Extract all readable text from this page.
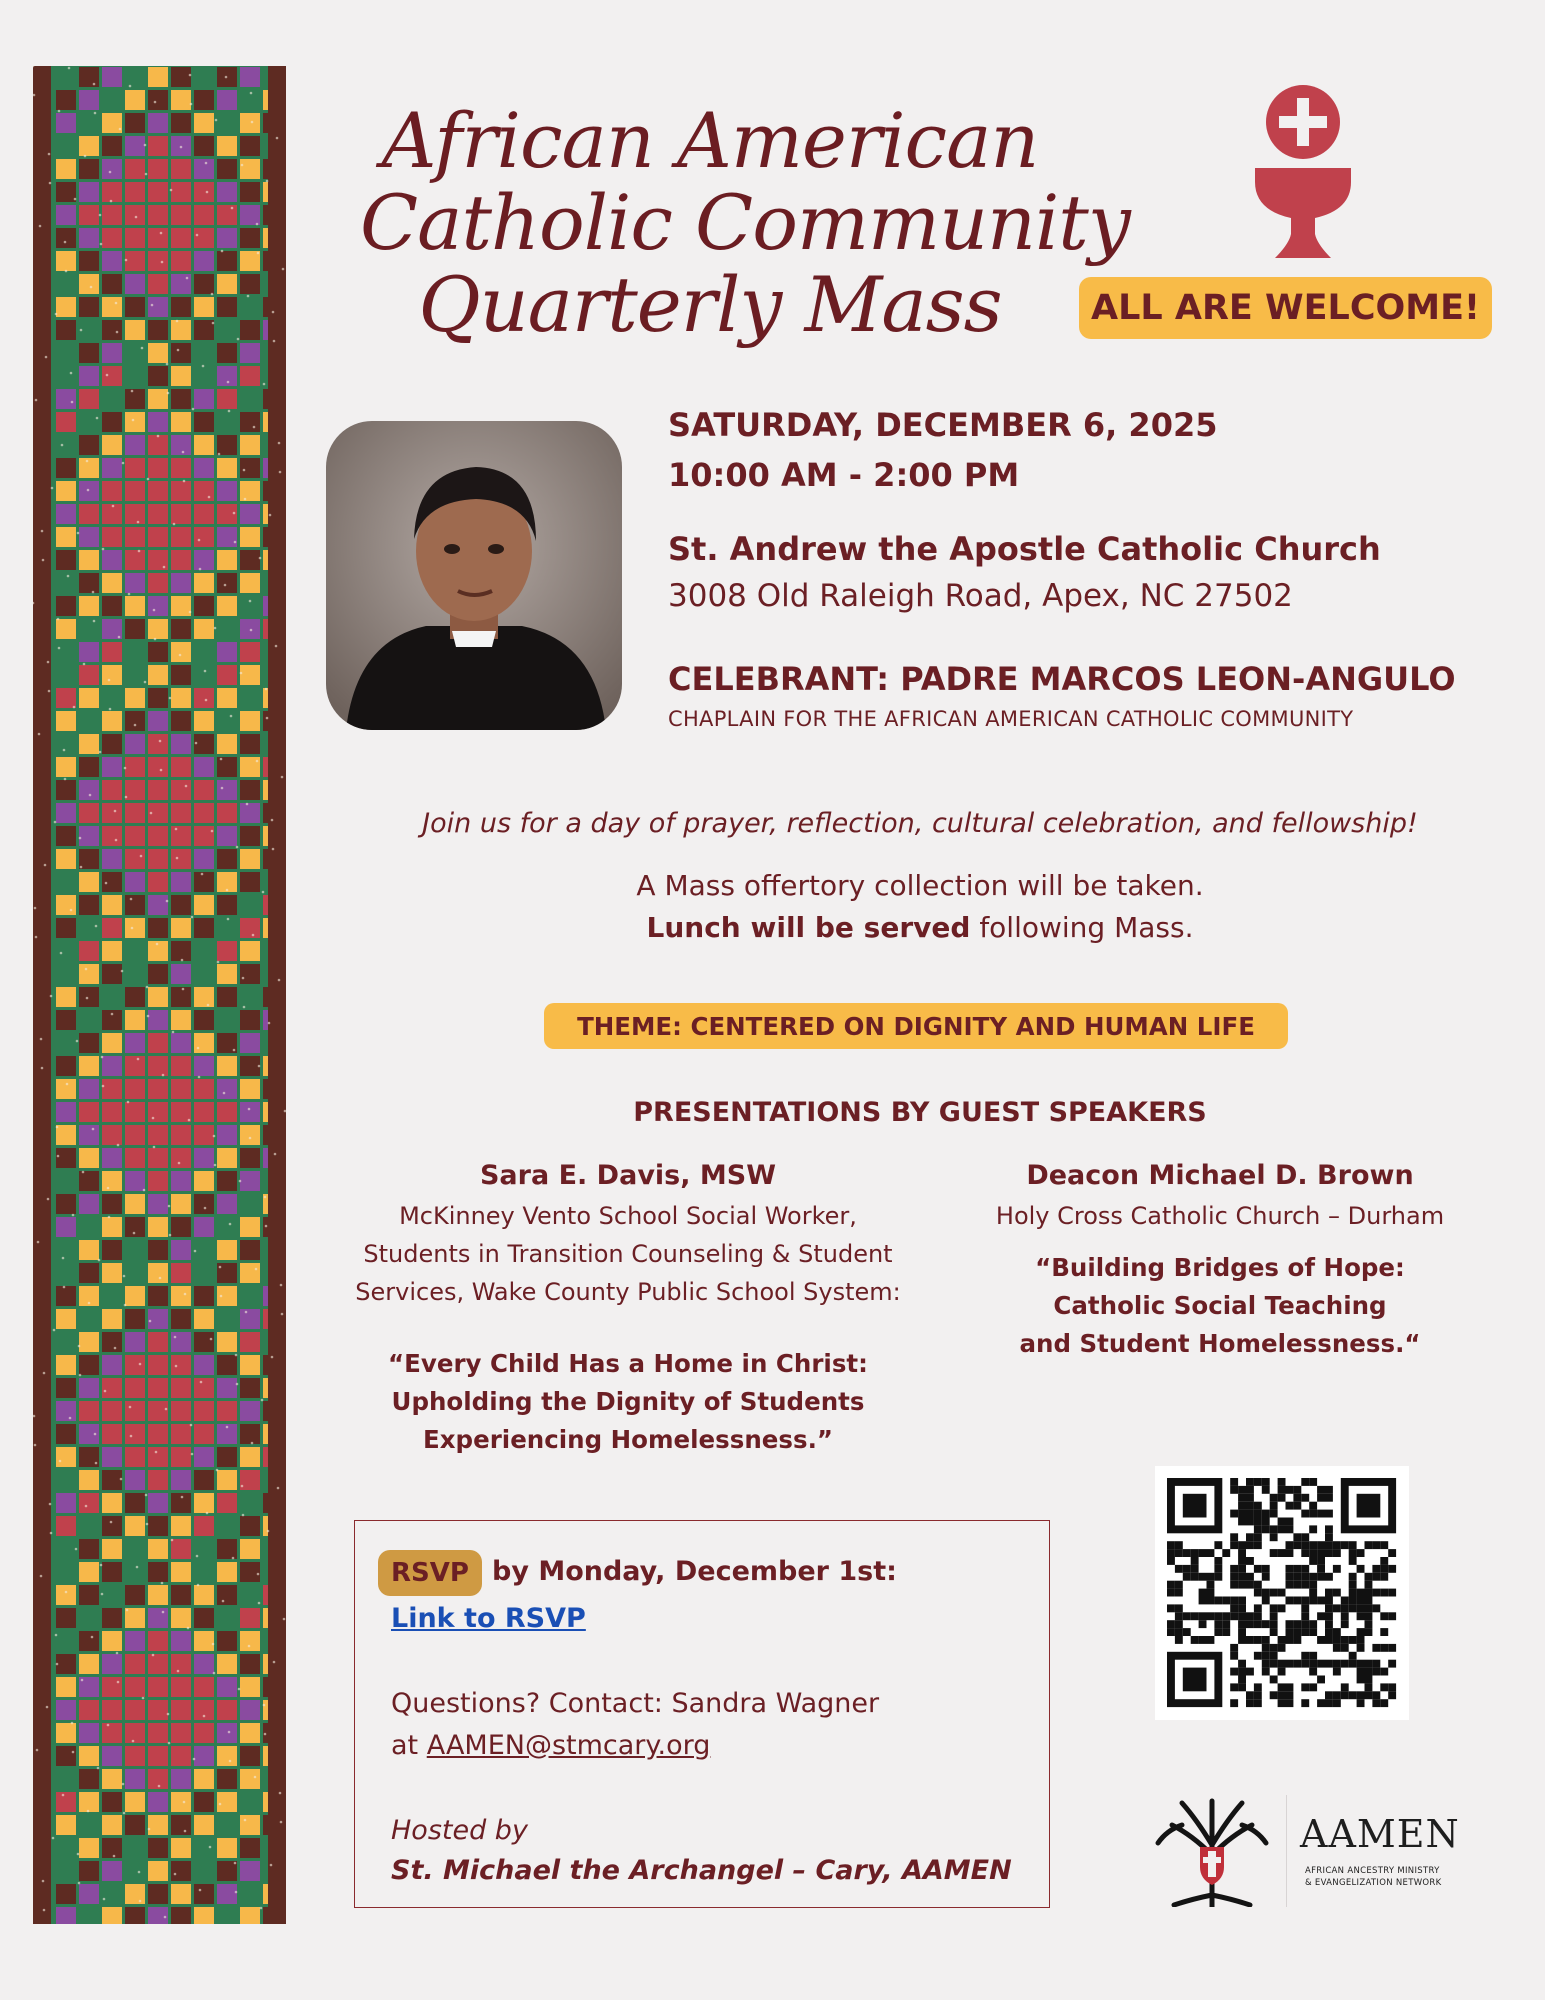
African American
Catholic Community
Quarterly Mass	ALL ARE WELCOME!
SATURDAY, DECEMBER 6, 2025
10:00 AM - 2:00 PM
St. Andrew the Apostle Catholic Church
3008 Old Raleigh Road, Apex, NC 27502
CELEBRANT: PADRE MARCOS LEON-ANGULO
CHAPLAIN FOR THE AFRICAN AMERICAN CATHOLIC COMMUNITY
Join us for a day of prayer, reflection, cultural celebration, and fellowship!
A Mass offertory collection will be taken.
Lunch will be served following Mass.
THEME: CENTERED ON DIGNITY AND HUMAN LIFE
PRESENTATIONS BY GUEST SPEAKERS
Sara E. Davis, MSW
McKinney Vento School Social Worker,
Students in Transition Counseling & Student
Services, Wake County Public School System:
“Every Child Has a Home in Christ:
Upholding the Dignity of Students
Experiencing Homelessness.”
Deacon Michael D. Brown
Holy Cross Catholic Church – Durham
“Building Bridges of Hope:
Catholic Social Teaching
and Student Homelessness.“
RSVP by Monday, December 1st:
Link to RSVP
Questions? Contact: Sandra Wagner
at AAMEN@stmcary.org
Hosted by
St. Michael the Archangel – Cary, AAMEN
AAMEN
AFRICAN ANCESTRY MINISTRY
& EVANGELIZATION NETWORK
